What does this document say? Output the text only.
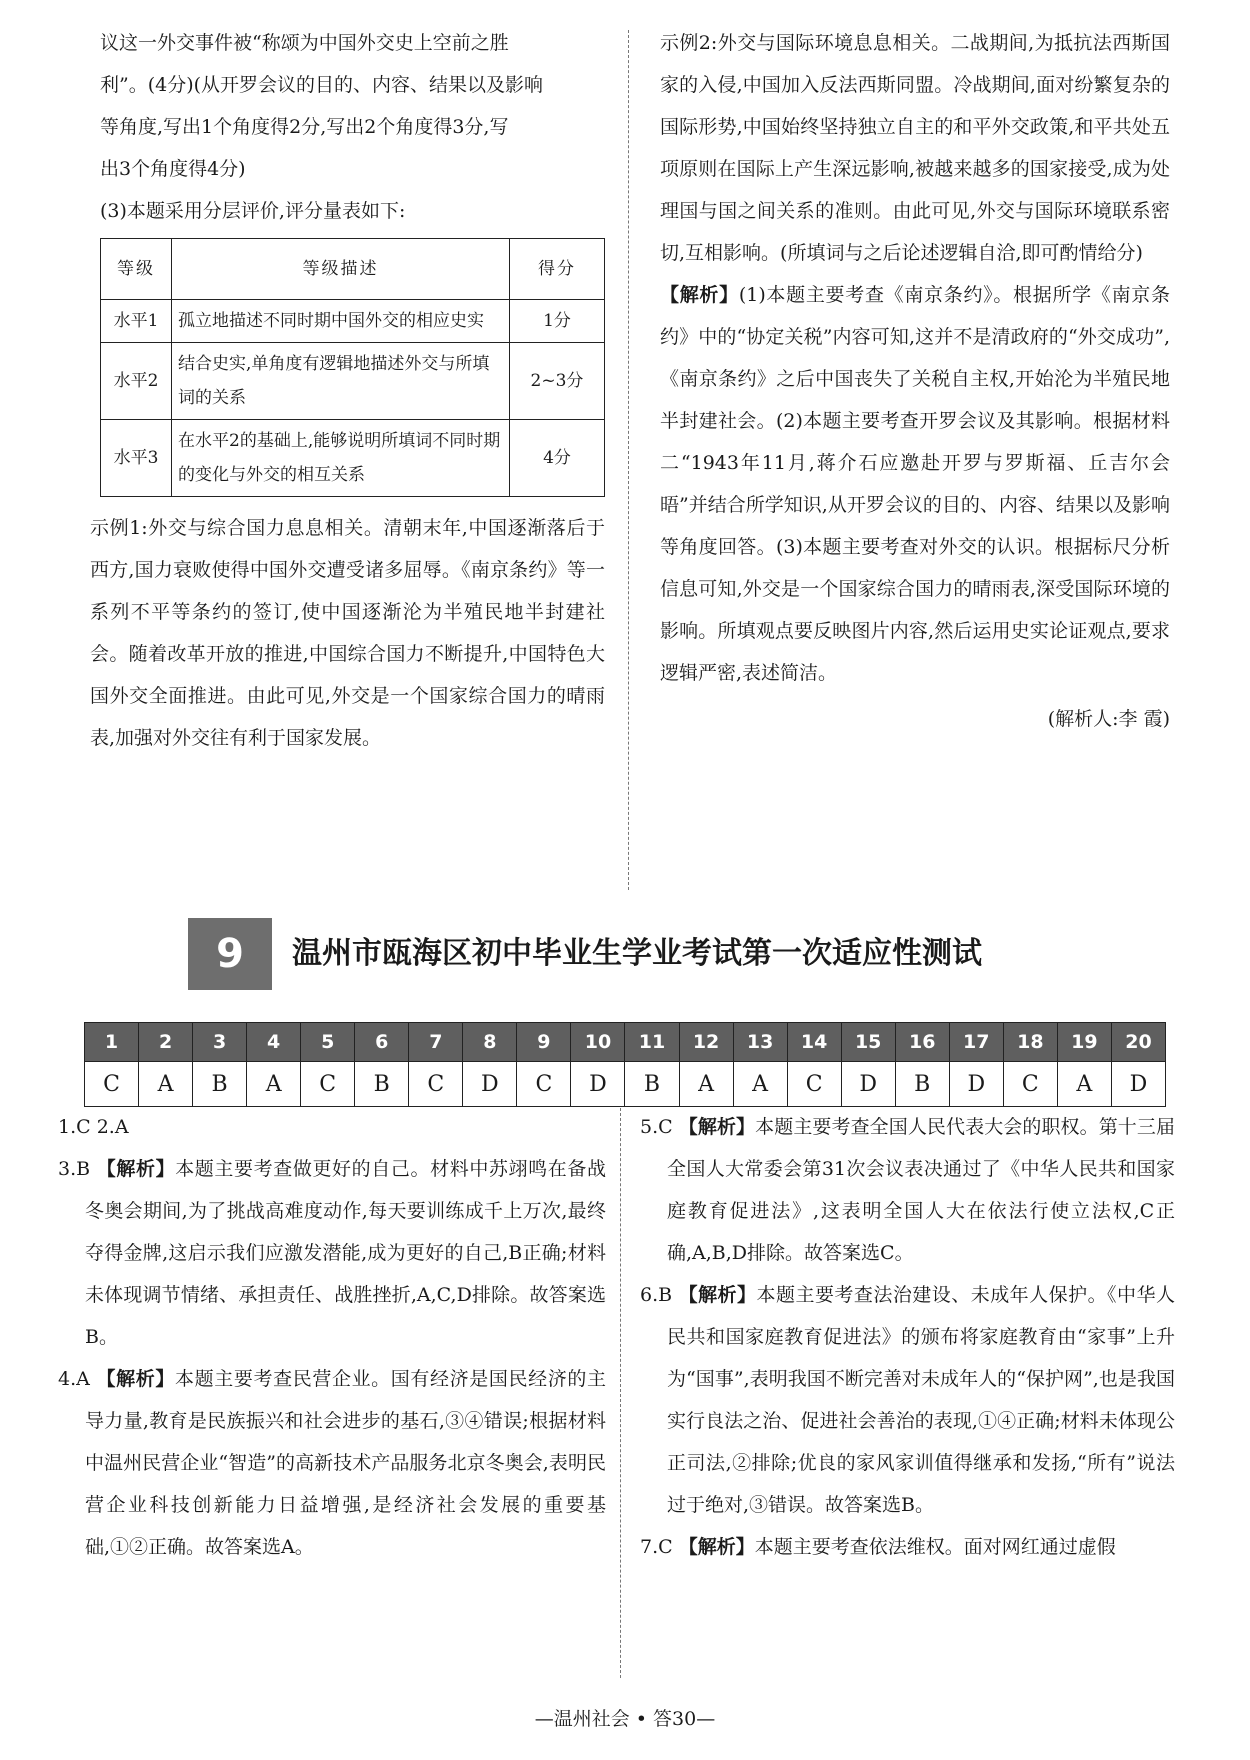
议这一外交事件被“称颂为中国外交史上空前之胜

利”。(4分)(从开罗会议的目的、内容、结果以及影响

等角度,写出1个角度得2分,写出2个角度得3分,写

出3个角度得4分)

(3)本题采用分层评价,评分量表如下:

等级	等级描述	得分
水平1	孤立地描述不同时期中国外交的相应史实	1分
水平2	结合史实,单角度有逻辑地描述外交与所填词的关系	2~3分
水平3	在水平2的基础上,能够说明所填词不同时期的变化与外交的相互关系	4分

示例1:外交与综合国力息息相关。清朝末年,中国逐渐落后于西方,国力衰败使得中国外交遭受诸多屈辱。《南京条约》等一系列不平等条约的签订,使中国逐渐沦为半殖民地半封建社会。随着改革开放的推进,中国综合国力不断提升,中国特色大国外交全面推进。由此可见,外交是一个国家综合国力的晴雨表,加强对外交往有利于国家发展。

示例2:外交与国际环境息息相关。二战期间,为抵抗法西斯国家的入侵,中国加入反法西斯同盟。冷战期间,面对纷繁复杂的国际形势,中国始终坚持独立自主的和平外交政策,和平共处五项原则在国际上产生深远影响,被越来越多的国家接受,成为处理国与国之间关系的准则。由此可见,外交与国际环境联系密切,互相影响。(所填词与之后论述逻辑自洽,即可酌情给分)

【解析】(1)本题主要考查《南京条约》。根据所学《南京条约》中的“协定关税”内容可知,这并不是清政府的“外交成功”,《南京条约》之后中国丧失了关税自主权,开始沦为半殖民地半封建社会。(2)本题主要考查开罗会议及其影响。根据材料二“1943年11月,蒋介石应邀赴开罗与罗斯福、丘吉尔会晤”并结合所学知识,从开罗会议的目的、内容、结果以及影响等角度回答。(3)本题主要考查对外交的认识。根据标尺分析信息可知,外交是一个国家综合国力的晴雨表,深受国际环境的影响。所填观点要反映图片内容,然后运用史实论证观点,要求逻辑严密,表述简洁。

(解析人:李 霞)

9	温州市瓯海区初中毕业生学业考试第一次适应性测试
1	2	3	4	5	6	7	8	9	10	11	12	13	14	15	16	17	18	19	20
C	A	B	A	C	B	C	D	C	D	B	A	A	C	D	B	D	C	A	D

1.C 2.A

3.B 【解析】本题主要考查做更好的自己。材料中苏翊鸣在备战冬奥会期间,为了挑战高难度动作,每天要训练成千上万次,最终夺得金牌,这启示我们应激发潜能,成为更好的自己,B正确;材料未体现调节情绪、承担责任、战胜挫折,A,C,D排除。故答案选B。

4.A 【解析】本题主要考查民营企业。国有经济是国民经济的主导力量,教育是民族振兴和社会进步的基石,③④错误;根据材料中温州民营企业“智造”的高新技术产品服务北京冬奥会,表明民营企业科技创新能力日益增强,是经济社会发展的重要基础,①②正确。故答案选A。

5.C 【解析】本题主要考查全国人民代表大会的职权。第十三届全国人大常委会第31次会议表决通过了《中华人民共和国家庭教育促进法》,这表明全国人大在依法行使立法权,C正确,A,B,D排除。故答案选C。

6.B 【解析】本题主要考查法治建设、未成年人保护。《中华人民共和国家庭教育促进法》的颁布将家庭教育由“家事”上升为“国事”,表明我国不断完善对未成年人的“保护网”,也是我国实行良法之治、促进社会善治的表现,①④正确;材料未体现公正司法,②排除;优良的家风家训值得继承和发扬,“所有”说法过于绝对,③错误。故答案选B。

7.C 【解析】本题主要考查依法维权。面对网红通过虚假

—温州社会 • 答30—
